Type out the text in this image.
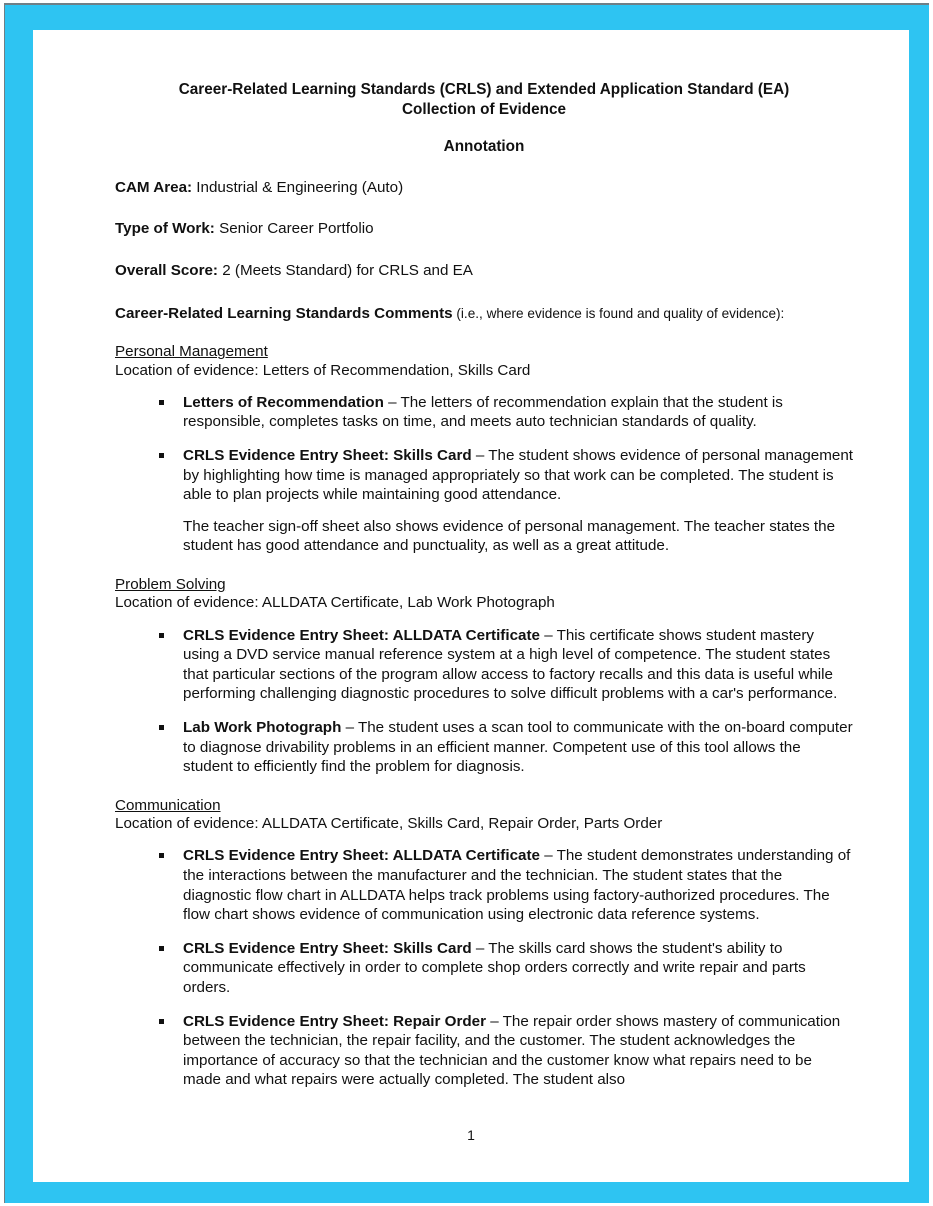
Career-Related Learning Standards (CRLS) and Extended Application Standard (EA)
Collection of Evidence
Annotation
CAM Area: Industrial & Engineering (Auto)
Type of Work: Senior Career Portfolio
Overall Score: 2 (Meets Standard) for CRLS and EA
Career-Related Learning Standards Comments (i.e., where evidence is found and quality of evidence):
Personal Management
Location of evidence: Letters of Recommendation, Skills Card
Letters of Recommendation – The letters of recommendation explain that the student is responsible, completes tasks on time, and meets auto technician standards of quality.
CRLS Evidence Entry Sheet: Skills Card – The student shows evidence of personal management by highlighting how time is managed appropriately so that work can be completed. The student is able to plan projects while maintaining good attendance.
The teacher sign-off sheet also shows evidence of personal management. The teacher states the student has good attendance and punctuality, as well as a great attitude.
Problem Solving
Location of evidence: ALLDATA Certificate, Lab Work Photograph
CRLS Evidence Entry Sheet: ALLDATA Certificate – This certificate shows student mastery using a DVD service manual reference system at a high level of competence. The student states that particular sections of the program allow access to factory recalls and this data is useful while performing challenging diagnostic procedures to solve difficult problems with a car's performance.
Lab Work Photograph – The student uses a scan tool to communicate with the on-board computer to diagnose drivability problems in an efficient manner. Competent use of this tool allows the student to efficiently find the problem for diagnosis.
Communication
Location of evidence: ALLDATA Certificate, Skills Card, Repair Order, Parts Order
CRLS Evidence Entry Sheet: ALLDATA Certificate – The student demonstrates understanding of the interactions between the manufacturer and the technician. The student states that the diagnostic flow chart in ALLDATA helps track problems using factory-authorized procedures. The flow chart shows evidence of communication using electronic data reference systems.
CRLS Evidence Entry Sheet: Skills Card – The skills card shows the student's ability to communicate effectively in order to complete shop orders correctly and write repair and parts orders.
CRLS Evidence Entry Sheet: Repair Order – The repair order shows mastery of communication between the technician, the repair facility, and the customer. The student acknowledges the importance of accuracy so that the technician and the customer know what repairs need to be made and what repairs were actually completed. The student also
1
